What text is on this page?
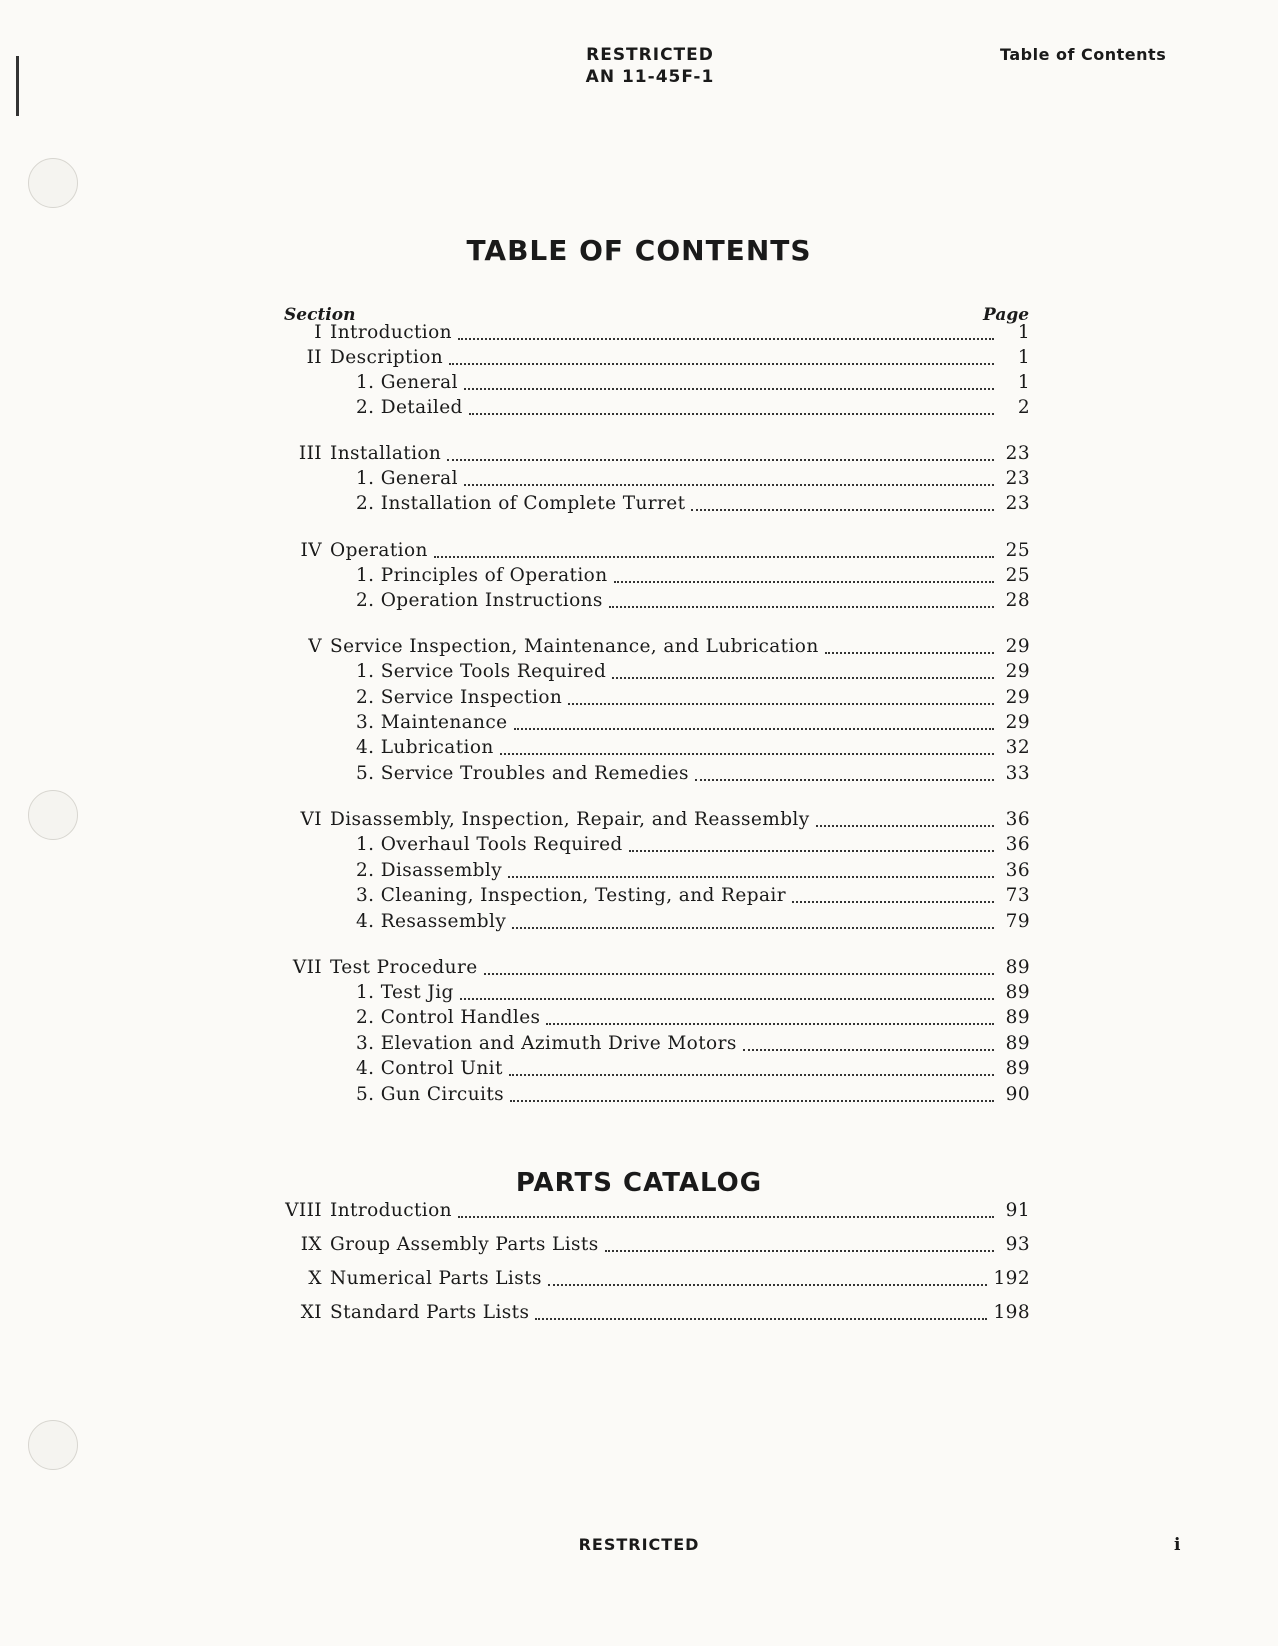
RESTRICTED
AN 11-45F-1
Table of Contents
TABLE OF CONTENTS
Section	Page
I Introduction	1
II Description	1
1. General	1
2. Detailed	2
III Installation	23
1. General	23
2. Installation of Complete Turret	23
IV Operation	25
1. Principles of Operation	25
2. Operation Instructions	28
V Service Inspection, Maintenance, and Lubrication	29
1. Service Tools Required	29
2. Service Inspection	29
3. Maintenance	29
4. Lubrication	32
5. Service Troubles and Remedies	33
VI Disassembly, Inspection, Repair, and Reassembly	36
1. Overhaul Tools Required	36
2. Disassembly	36
3. Cleaning, Inspection, Testing, and Repair	73
4. Resassembly	79
VII Test Procedure	89
1. Test Jig	89
2. Control Handles	89
3. Elevation and Azimuth Drive Motors	89
4. Control Unit	89
5. Gun Circuits	90
PARTS CATALOG
VIII Introduction	91
IX Group Assembly Parts Lists	93
X Numerical Parts Lists	192
XI Standard Parts Lists	198
RESTRICTED	i
